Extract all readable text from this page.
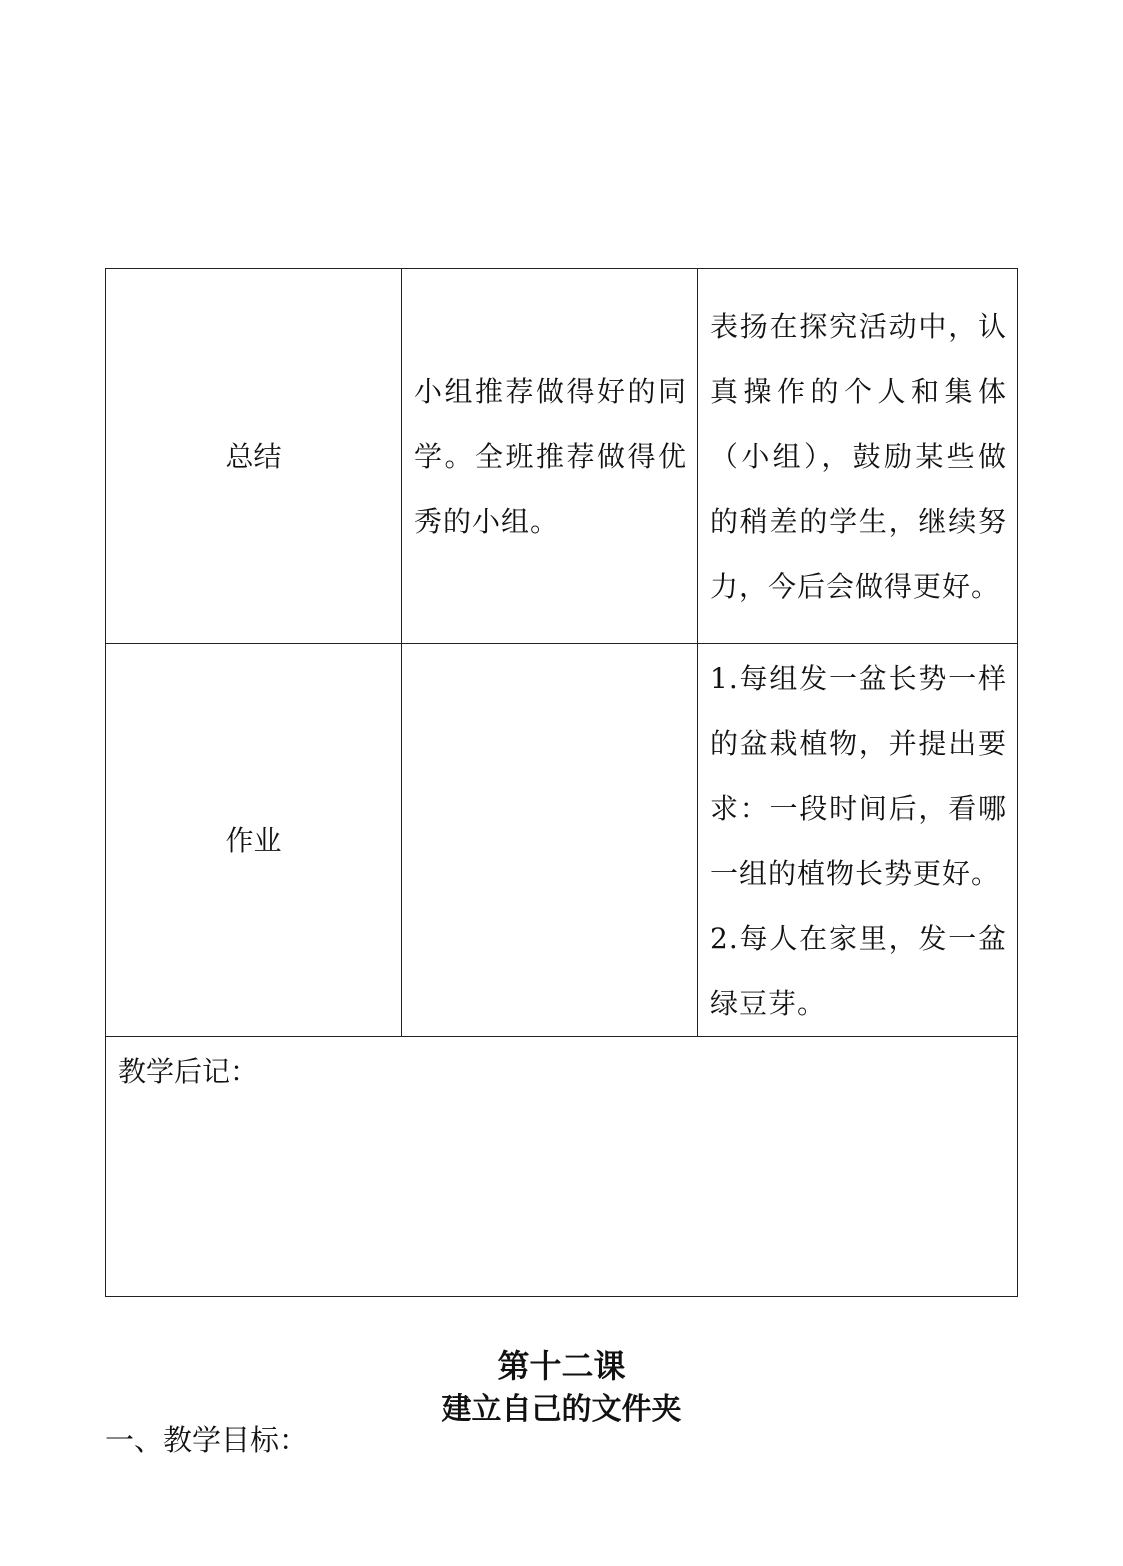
总结	小组推荐做得好的同学。全班推荐做得优秀的小组。	表扬在探究活动中，认真操作的个人和集体（小组），鼓励某些做的稍差的学生，继续努力，今后会做得更好。

作业		1.每组发一盆长势一样的盆栽植物，并提出要求：一段时间后，看哪一组的植物长势更好。

2.每人在家里，发一盆绿豆芽。

教学后记：		
第十二课
建立自己的文件夹
一、教学目标：
